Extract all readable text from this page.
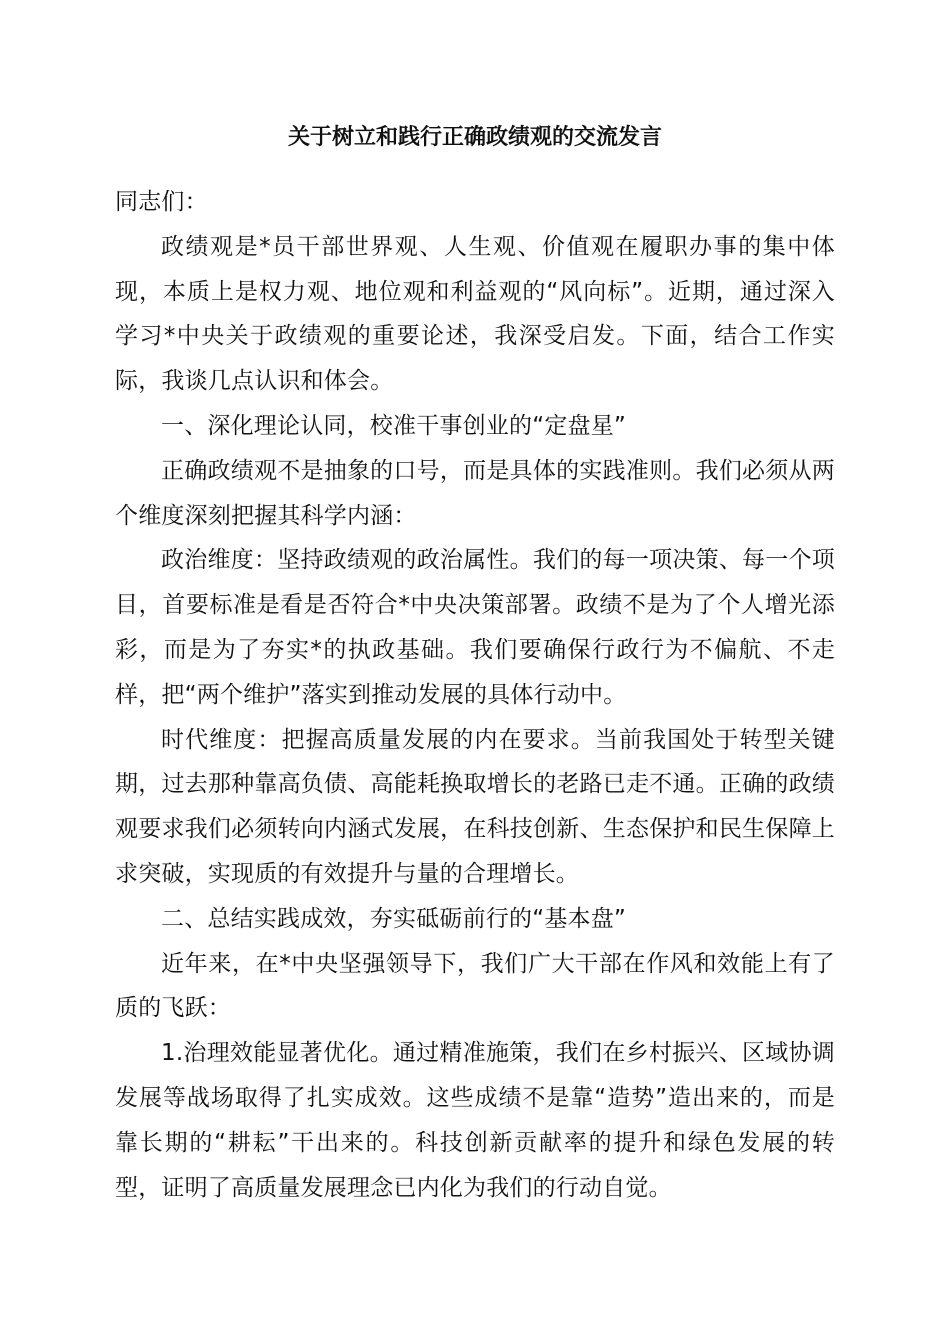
关于树立和践行正确政绩观的交流发言

同志们：

政绩观是*员干部世界观、人生观、价值观在履职办事的集中体现，本质上是权力观、地位观和利益观的“风向标”。近期，通过深入学习*中央关于政绩观的重要论述，我深受启发。下面，结合工作实际，我谈几点认识和体会。

一、深化理论认同，校准干事创业的“定盘星”

正确政绩观不是抽象的口号，而是具体的实践准则。我们必须从两个维度深刻把握其科学内涵：

政治维度：坚持政绩观的政治属性。我们的每一项决策、每一个项目，首要标准是看是否符合*中央决策部署。政绩不是为了个人增光添彩，而是为了夯实*的执政基础。我们要确保行政行为不偏航、不走样，把“两个维护”落实到推动发展的具体行动中。

时代维度：把握高质量发展的内在要求。当前我国处于转型关键期，过去那种靠高负债、高能耗换取增长的老路已走不通。正确的政绩观要求我们必须转向内涵式发展，在科技创新、生态保护和民生保障上求突破，实现质的有效提升与量的合理增长。

二、总结实践成效，夯实砥砺前行的“基本盘”

近年来，在*中央坚强领导下，我们广大干部在作风和效能上有了质的飞跃：

1.治理效能显著优化。通过精准施策，我们在乡村振兴、区域协调发展等战场取得了扎实成效。这些成绩不是靠“造势”造出来的，而是靠长期的“耕耘”干出来的。科技创新贡献率的提升和绿色发展的转型，证明了高质量发展理念已内化为我们的行动自觉。
